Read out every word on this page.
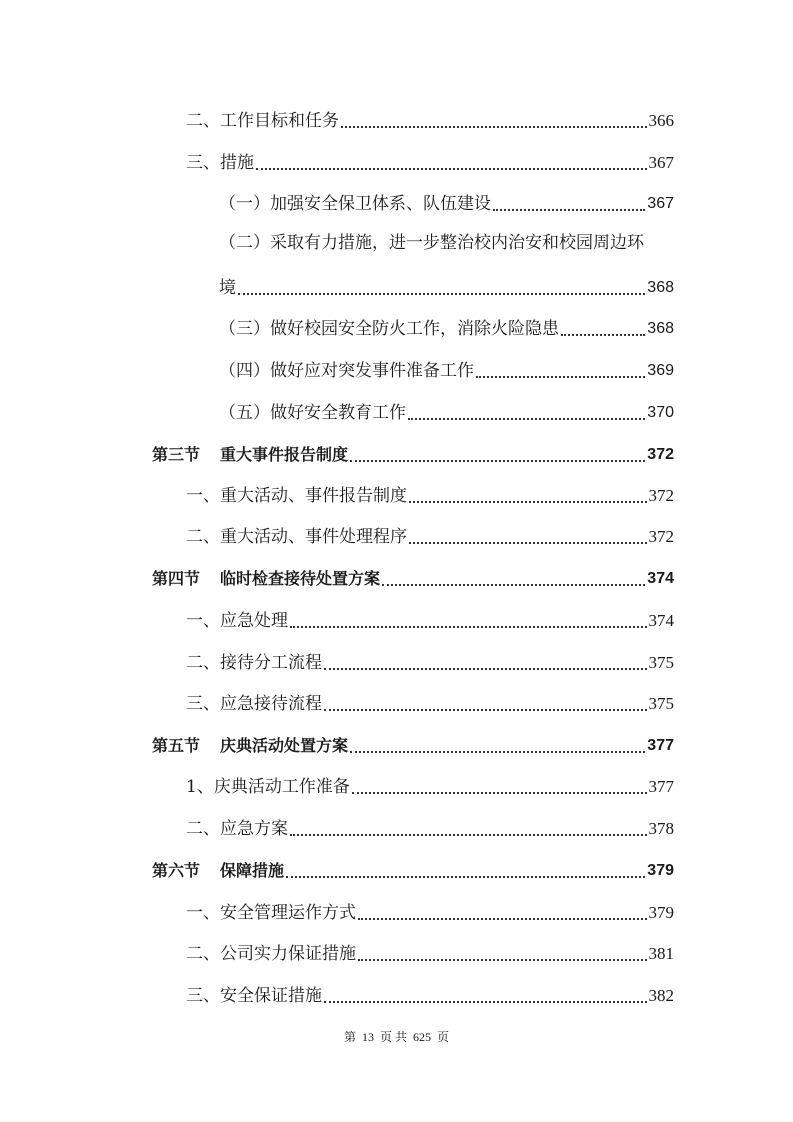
二、工作目标和任务	366
三、措施	367
（一）加强安全保卫体系、队伍建设	367
（二）采取有力措施，进一步整治校内治安和校园周边环
境	368
（三）做好校园安全防火工作，消除火险隐患	368
（四）做好应对突发事件准备工作	369
（五）做好安全教育工作	370
第三节 重大事件报告制度	372
一、重大活动、事件报告制度	372
二、重大活动、事件处理程序	372
第四节 临时检查接待处置方案	374
一、应急处理	374
二、接待分工流程	375
三、应急接待流程	375
第五节 庆典活动处置方案	377
1、庆典活动工作准备	377
二、应急方案	378
第六节 保障措施	379
一、安全管理运作方式	379
二、公司实力保证措施	381
三、安全保证措施	382
第 13 页 共 625 页
